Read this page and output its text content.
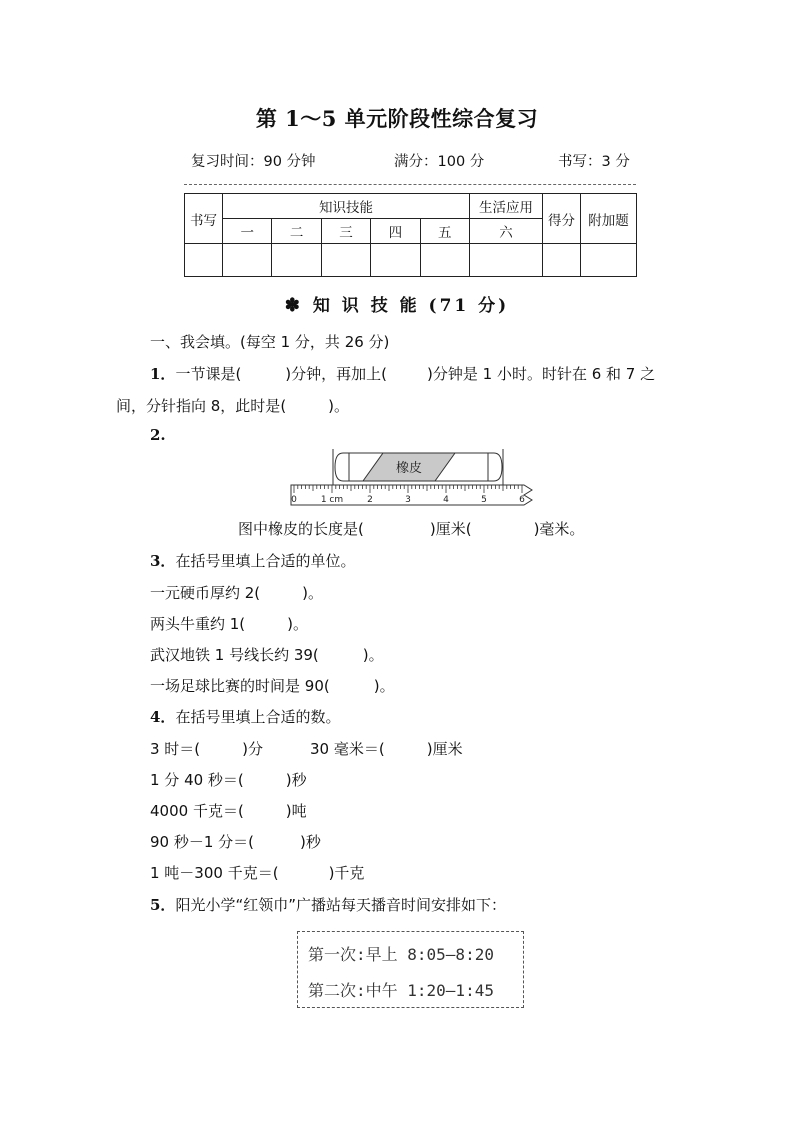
第 1～5 单元阶段性综合复习
复习时间：90 分钟	满分：100 分	书写：3 分
书写	知识技能					生活应用	得分	附加题
	一	二	三	四	五	六		

✽ 知 识 技 能 (71 分)
一、我会填。(每空 1 分，共 26 分)
1．一节课是(	)分钟，再加上(	)分钟是 1 小时。时针在 6 和 7 之
间，分针指向 8，此时是(	)。
2.
橡皮
0	1 cm	2	3	4	5	6
图中橡皮的长度是(	)厘米(	)毫米。
3．在括号里填上合适的单位。
一元硬币厚约 2(	)。
两头牛重约 1(	)。
武汉地铁 1 号线长约 39(	)。
一场足球比赛的时间是 90(	)。
4．在括号里填上合适的数。
3 时＝(	)分	30 毫米＝(	)厘米
1 分 40 秒＝(	)秒
4000 千克＝(	)吨
90 秒－1 分＝(	)秒
1 吨－300 千克＝(	)千克
5．阳光小学“红领巾”广播站每天播音时间安排如下：
第一次:早上 8:05—8:20
第二次:中午 1:20—1:45
